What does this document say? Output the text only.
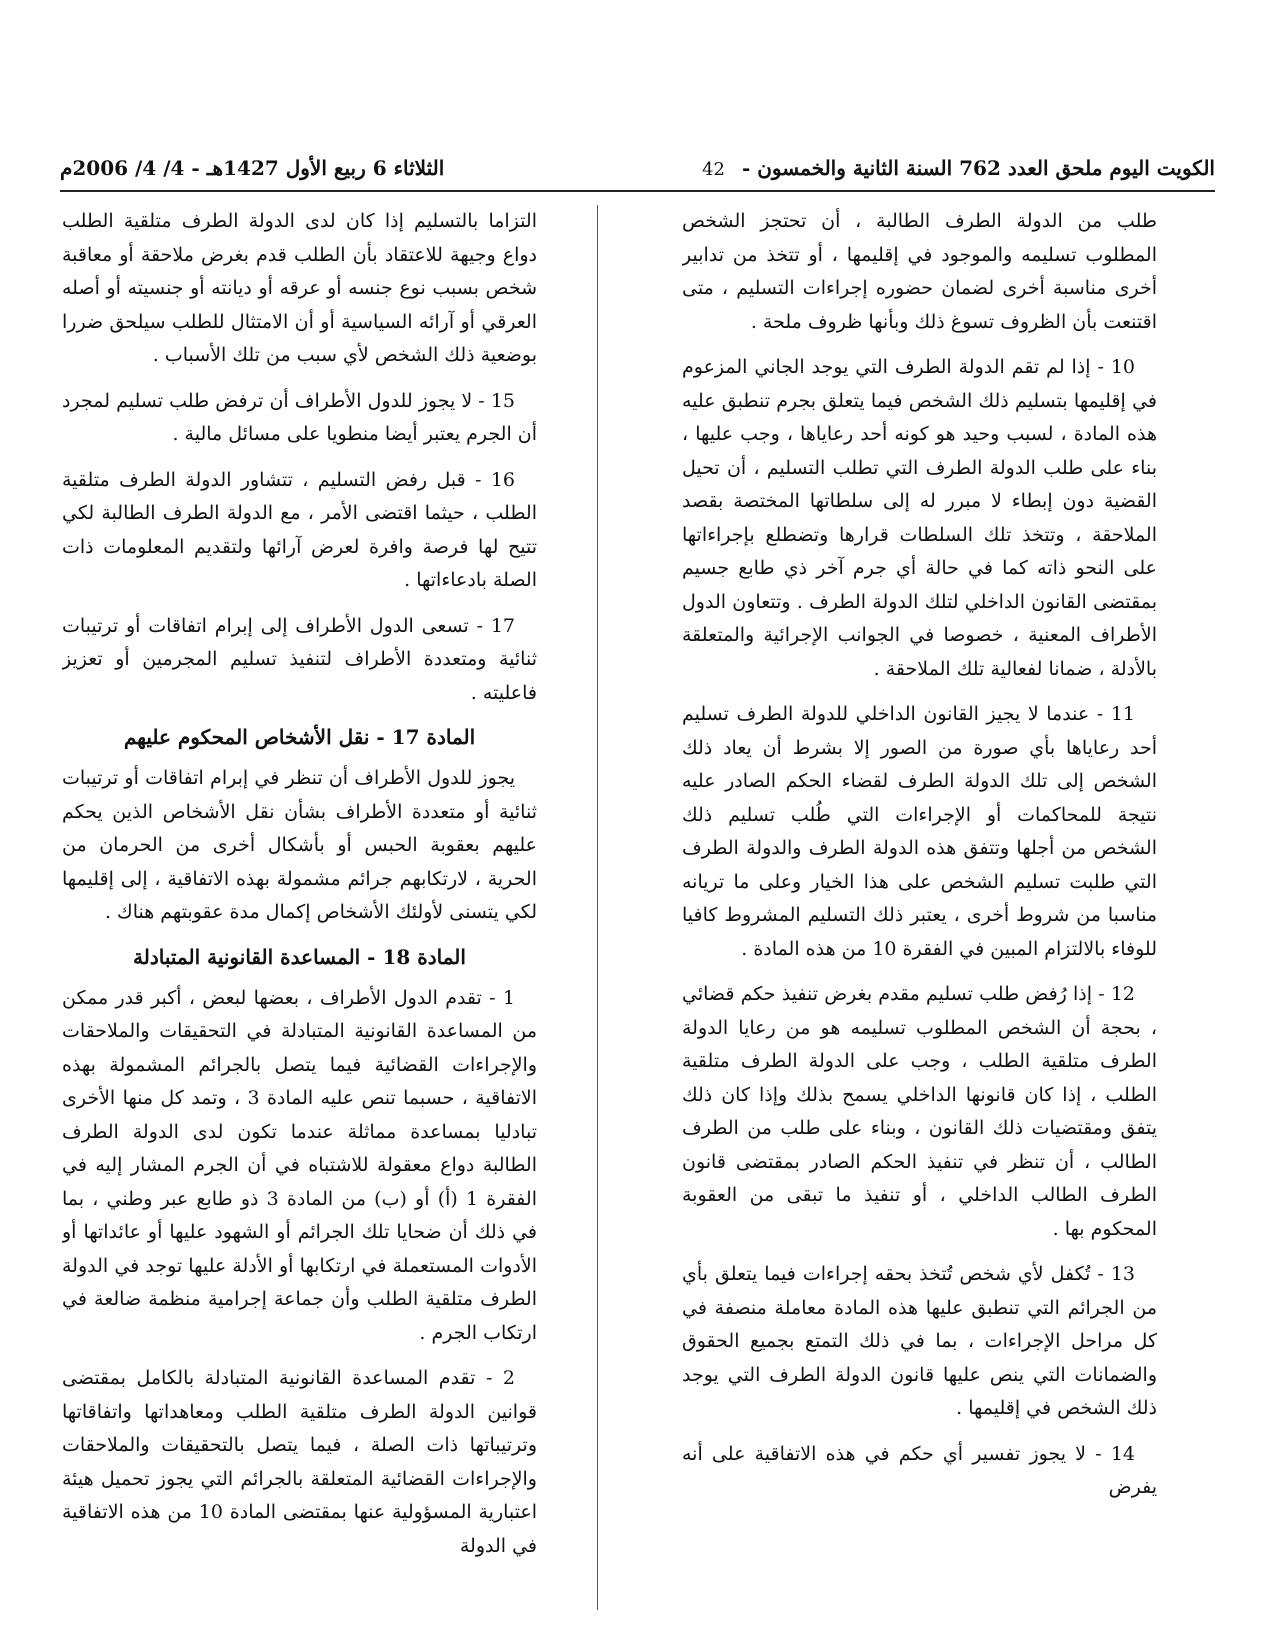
الكويت اليوم ملحق العدد 762 السنة الثانية والخمسون - 42
الثلاثاء 6 ربيع الأول 1427هـ - 4/ 4/ 2006م

طلب من الدولة الطرف الطالبة ، أن تحتجز الشخص المطلوب تسليمه والموجود في إقليمها ، أو تتخذ من تدابير أخرى مناسبة أخرى لضمان حضوره إجراءات التسليم ، متى اقتنعت بأن الظروف تسوغ ذلك وبأنها ظروف ملحة .

10 - إذا لم تقم الدولة الطرف التي يوجد الجاني المزعوم في إقليمها بتسليم ذلك الشخص فيما يتعلق بجرم تنطبق عليه هذه المادة ، لسبب وحيد هو كونه أحد رعاياها ، وجب عليها ، بناء على طلب الدولة الطرف التي تطلب التسليم ، أن تحيل القضية دون إبطاء لا مبرر له إلى سلطاتها المختصة بقصد الملاحقة ، وتتخذ تلك السلطات قرارها وتضطلع بإجراءاتها على النحو ذاته كما في حالة أي جرم آخر ذي طابع جسيم بمقتضى القانون الداخلي لتلك الدولة الطرف . وتتعاون الدول الأطراف المعنية ، خصوصا في الجوانب الإجرائية والمتعلقة بالأدلة ، ضمانا لفعالية تلك الملاحقة .

11 - عندما لا يجيز القانون الداخلي للدولة الطرف تسليم أحد رعاياها بأي صورة من الصور إلا بشرط أن يعاد ذلك الشخص إلى تلك الدولة الطرف لقضاء الحكم الصادر عليه نتيجة للمحاكمات أو الإجراءات التي طُلب تسليم ذلك الشخص من أجلها وتتفق هذه الدولة الطرف والدولة الطرف التي طلبت تسليم الشخص على هذا الخيار وعلى ما تريانه مناسبا من شروط أخرى ، يعتبر ذلك التسليم المشروط كافيا للوفاء بالالتزام المبين في الفقرة 10 من هذه المادة .

12 - إذا رُفض طلب تسليم مقدم بغرض تنفيذ حكم قضائي ، بحجة أن الشخص المطلوب تسليمه هو من رعايا الدولة الطرف متلقية الطلب ، وجب على الدولة الطرف متلقية الطلب ، إذا كان قانونها الداخلي يسمح بذلك وإذا كان ذلك يتفق ومقتضيات ذلك القانون ، وبناء على طلب من الطرف الطالب ، أن تنظر في تنفيذ الحكم الصادر بمقتضى قانون الطرف الطالب الداخلي ، أو تنفيذ ما تبقى من العقوبة المحكوم بها .

13 - تُكفل لأي شخص تُتخذ بحقه إجراءات فيما يتعلق بأي من الجرائم التي تنطبق عليها هذه المادة معاملة منصفة في كل مراحل الإجراءات ، بما في ذلك التمتع بجميع الحقوق والضمانات التي ينص عليها قانون الدولة الطرف التي يوجد ذلك الشخص في إقليمها .

14 - لا يجوز تفسير أي حكم في هذه الاتفاقية على أنه يفرض

التزاما بالتسليم إذا كان لدى الدولة الطرف متلقية الطلب دواع وجيهة للاعتقاد بأن الطلب قدم بغرض ملاحقة أو معاقبة شخص بسبب نوع جنسه أو عرقه أو ديانته أو جنسيته أو أصله العرقي أو آرائه السياسية أو أن الامتثال للطلب سيلحق ضررا بوضعية ذلك الشخص لأي سبب من تلك الأسباب .

15 - لا يجوز للدول الأطراف أن ترفض طلب تسليم لمجرد أن الجرم يعتبر أيضا منطويا على مسائل مالية .

16 - قبل رفض التسليم ، تتشاور الدولة الطرف متلقية الطلب ، حيثما اقتضى الأمر ، مع الدولة الطرف الطالبة لكي تتيح لها فرصة وافرة لعرض آرائها ولتقديم المعلومات ذات الصلة بادعاءاتها .

17 - تسعى الدول الأطراف إلى إبرام اتفاقات أو ترتيبات ثنائية ومتعددة الأطراف لتنفيذ تسليم المجرمين أو تعزيز فاعليته .

المادة 17 - نقل الأشخاص المحكوم عليهم

يجوز للدول الأطراف أن تنظر في إبرام اتفاقات أو ترتيبات ثنائية أو متعددة الأطراف بشأن نقل الأشخاص الذين يحكم عليهم بعقوبة الحبس أو بأشكال أخرى من الحرمان من الحرية ، لارتكابهم جرائم مشمولة بهذه الاتفاقية ، إلى إقليمها لكي يتسنى لأولئك الأشخاص إكمال مدة عقوبتهم هناك .

المادة 18 - المساعدة القانونية المتبادلة

1 - تقدم الدول الأطراف ، بعضها لبعض ، أكبر قدر ممكن من المساعدة القانونية المتبادلة في التحقيقات والملاحقات والإجراءات القضائية فيما يتصل بالجرائم المشمولة بهذه الاتفاقية ، حسبما تنص عليه المادة 3 ، وتمد كل منها الأخرى تبادليا بمساعدة مماثلة عندما تكون لدى الدولة الطرف الطالبة دواع معقولة للاشتباه في أن الجرم المشار إليه في الفقرة 1 (أ) أو (ب) من المادة 3 ذو طابع عبر وطني ، بما في ذلك أن ضحايا تلك الجرائم أو الشهود عليها أو عائداتها أو الأدوات المستعملة في ارتكابها أو الأدلة عليها توجد في الدولة الطرف متلقية الطلب وأن جماعة إجرامية منظمة ضالعة في ارتكاب الجرم .

2 - تقدم المساعدة القانونية المتبادلة بالكامل بمقتضى قوانين الدولة الطرف متلقية الطلب ومعاهداتها واتفاقاتها وترتيباتها ذات الصلة ، فيما يتصل بالتحقيقات والملاحقات والإجراءات القضائية المتعلقة بالجرائم التي يجوز تحميل هيئة اعتبارية المسؤولية عنها بمقتضى المادة 10 من هذه الاتفاقية في الدولة
